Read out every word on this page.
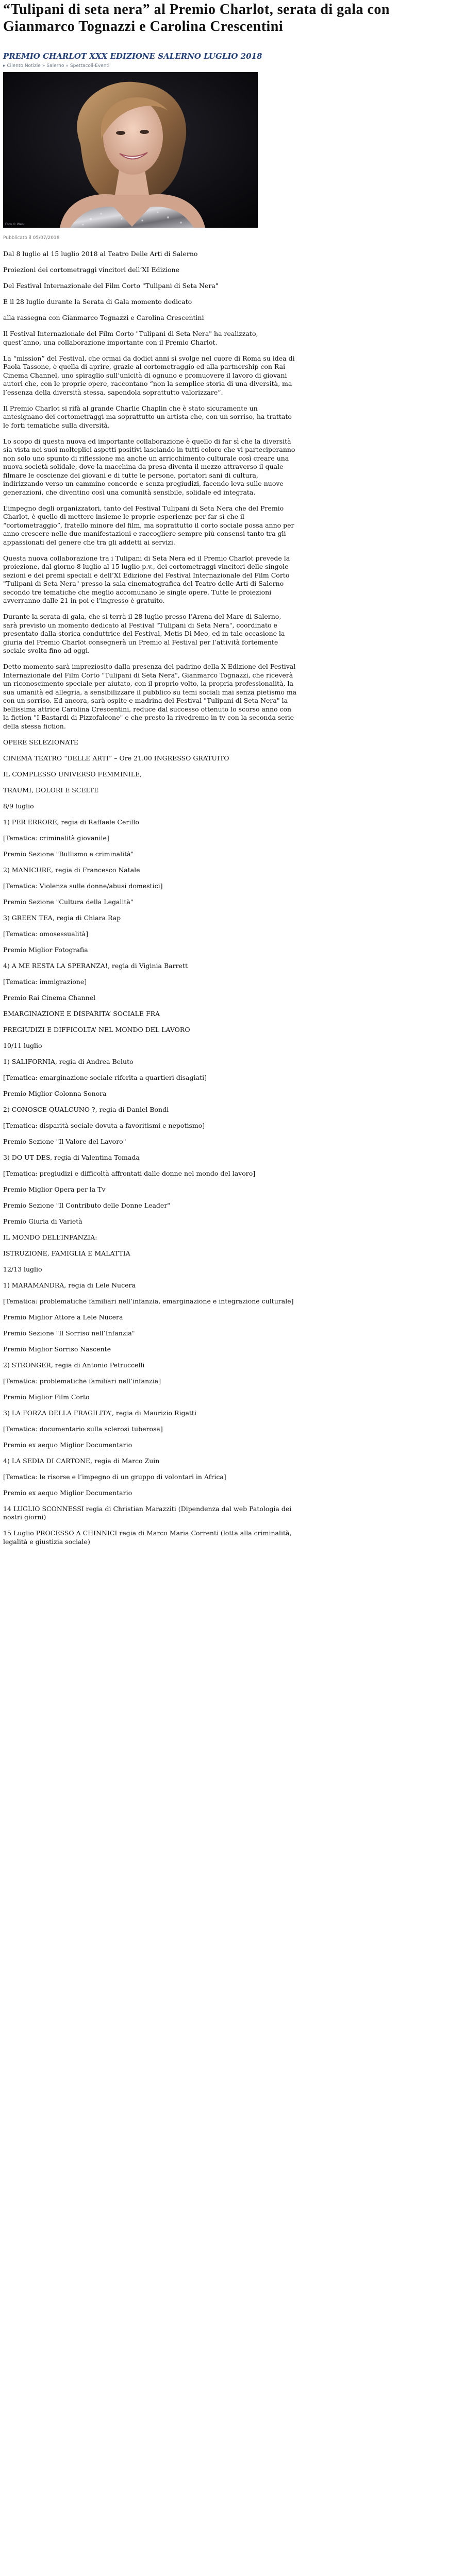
“Tulipani di seta nera” al Premio Charlot, serata di gala con Gianmarco Tognazzi e Carolina Crescentini
PREMIO CHARLOT XXX EDIZIONE SALERNO LUGLIO 2018
▸ Cilento Notizie » Salerno » Spettacoli-Eventi
Foto © Web
Pubblicato il 05/07/2018

Dal 8 luglio al 15 luglio 2018 al Teatro Delle Arti di Salerno

Proiezioni dei cortometraggi vincitori dell’XI Edizione

Del Festival Internazionale del Film Corto "Tulipani di Seta Nera"

E il 28 luglio durante la Serata di Gala momento dedicato

alla rassegna con Gianmarco Tognazzi e Carolina Crescentini

Il Festival Internazionale del Film Corto "Tulipani di Seta Nera" ha realizzato, quest’anno, una collaborazione importante con il Premio Charlot.

La “mission” del Festival, che ormai da dodici anni si svolge nel cuore di Roma su idea di Paola Tassone, è quella di aprire, grazie al cortometraggio ed alla partnership con Rai Cinema Channel, uno spiraglio sull’unicità di ognuno e promuovere il lavoro di giovani autori che, con le proprie opere, raccontano “non la semplice storia di una diversità, ma l’essenza della diversità stessa, sapendola soprattutto valorizzare”.

Il Premio Charlot si rifà al grande Charlie Chaplin che è stato sicuramente un antesignano dei cortometraggi ma soprattutto un artista che, con un sorriso, ha trattato le forti tematiche sulla diversità.

Lo scopo di questa nuova ed importante collaborazione è quello di far sì che la diversità sia vista nei suoi molteplici aspetti positivi lasciando in tutti coloro che vi parteciperanno non solo uno spunto di riflessione ma anche un arricchimento culturale così creare una nuova società solidale, dove la macchina da presa diventa il mezzo attraverso il quale filmare le coscienze dei giovani e di tutte le persone, portatori sani di cultura, indirizzando verso un cammino concorde e senza pregiudizi, facendo leva sulle nuove generazioni, che diventino così una comunità sensibile, solidale ed integrata.

L’impegno degli organizzatori, tanto del Festival Tulipani di Seta Nera che del Premio Charlot, è quello di mettere insieme le proprie esperienze per far sì che il “cortometraggio”, fratello minore del film, ma soprattutto il corto sociale possa anno per anno crescere nelle due manifestazioni e raccogliere sempre più consensi tanto tra gli appassionati del genere che tra gli addetti ai servizi.

Questa nuova collaborazione tra i Tulipani di Seta Nera ed il Premio Charlot prevede la proiezione, dal giorno 8 luglio al 15 luglio p.v., dei cortometraggi vincitori delle singole sezioni e dei premi speciali e dell’XI Edizione del Festival Internazionale del Film Corto "Tulipani di Seta Nera" presso la sala cinematografica del Teatro delle Arti di Salerno secondo tre tematiche che meglio accomunano le single opere. Tutte le proiezioni avverranno dalle 21 in poi e l’ingresso è gratuito.

Durante la serata di gala, che si terrà il 28 luglio presso l’Arena del Mare di Salerno, sarà previsto un momento dedicato al Festival "Tulipani di Seta Nera", coordinato e presentato dalla storica conduttrice del Festival, Metis Di Meo, ed in tale occasione la giuria del Premio Charlot consegnerà un Premio al Festival per l’attività fortemente sociale svolta fino ad oggi.

Detto momento sarà impreziosito dalla presenza del padrino della X Edizione del Festival Internazionale del Film Corto "Tulipani di Seta Nera", Gianmarco Tognazzi, che riceverà un riconoscimento speciale per aiutato, con il proprio volto, la propria professionalità, la sua umanità ed allegria, a sensibilizzare il pubblico su temi sociali mai senza pietismo ma con un sorriso. Ed ancora, sarà ospite e madrina del Festival "Tulipani di Seta Nera" la bellissima attrice Carolina Crescentini, reduce dal successo ottenuto lo scorso anno con la fiction "I Bastardi di Pizzofalcone" e che presto la rivedremo in tv con la seconda serie della stessa fiction.

OPERE SELEZIONATE

CINEMA TEATRO “DELLE ARTI” – Ore 21.00 INGRESSO GRATUITO

IL COMPLESSO UNIVERSO FEMMINILE,

TRAUMI, DOLORI E SCELTE

8/9 luglio

1) PER ERRORE, regia di Raffaele Cerillo

[Tematica: criminalità giovanile]

Premio Sezione "Bullismo e criminalità"

2) MANICURE, regia di Francesco Natale

[Tematica: Violenza sulle donne/abusi domestici]

Premio Sezione "Cultura della Legalità"

3) GREEN TEA, regia di Chiara Rap

[Tematica: omosessualità]

Premio Miglior Fotografia

4) A ME RESTA LA SPERANZA!, regia di Viginia Barrett

[Tematica: immigrazione]

Premio Rai Cinema Channel

EMARGINAZIONE E DISPARITA’ SOCIALE FRA

PREGIUDIZI E DIFFICOLTA’ NEL MONDO DEL LAVORO

10/11 luglio

1) SALIFORNIA, regia di Andrea Beluto

[Tematica: emarginazione sociale riferita a quartieri disagiati]

Premio Miglior Colonna Sonora

2) CONOSCE QUALCUNO ?, regia di Daniel Bondi

[Tematica: disparità sociale dovuta a favoritismi e nepotismo]

Premio Sezione "Il Valore del Lavoro"

3) DO UT DES, regia di Valentina Tomada

[Tematica: pregiudizi e difficoltà affrontati dalle donne nel mondo del lavoro]

Premio Miglior Opera per la Tv

Premio Sezione "Il Contributo delle Donne Leader"

Premio Giuria di Varietà

IL MONDO DELL’INFANZIA:

ISTRUZIONE, FAMIGLIA E MALATTIA

12/13 luglio

1) MARAMANDRA, regia di Lele Nucera

[Tematica: problematiche familiari nell’infanzia, emarginazione e integrazione culturale]

Premio Miglior Attore a Lele Nucera

Premio Sezione "Il Sorriso nell’Infanzia"

Premio Miglior Sorriso Nascente

2) STRONGER, regia di Antonio Petruccelli

[Tematica: problematiche familiari nell’infanzia]

Premio Miglior Film Corto

3) LA FORZA DELLA FRAGILITA’, regia di Maurizio Rigatti

[Tematica: documentario sulla sclerosi tuberosa]

Premio ex aequo Miglior Documentario

4) LA SEDIA DI CARTONE, regia di Marco Zuin

[Tematica: le risorse e l’impegno di un gruppo di volontari in Africa]

Premio ex aequo Miglior Documentario

14 LUGLIO SCONNESSI regia di Christian Marazziti (Dipendenza dal web Patologia dei nostri giorni)

15 Luglio PROCESSO A CHINNICI regia di Marco Maria Correnti (lotta alla criminalità, legalità e giustizia sociale)
